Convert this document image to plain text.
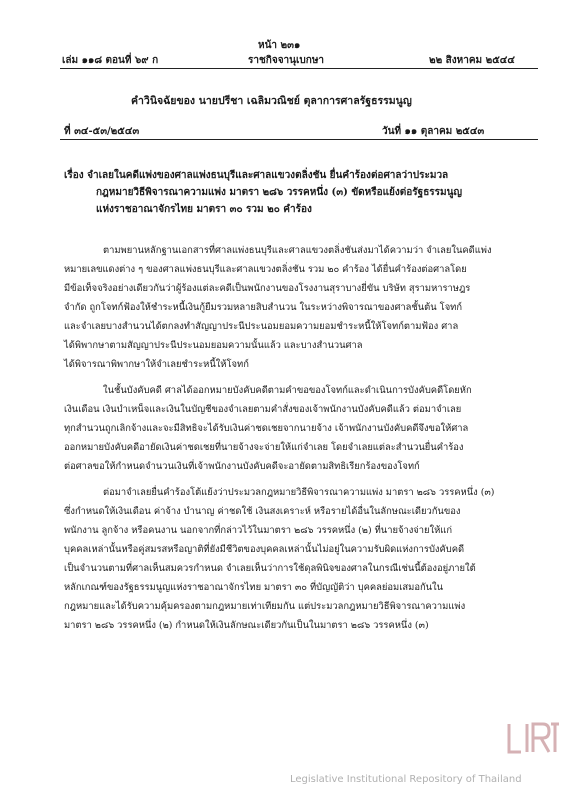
หน้า ๒๓๑
เล่ม ๑๑๘ ตอนที่ ๖๙ ก	ราชกิจจานุเบกษา	๒๒ สิงหาคม ๒๕๔๔
คำวินิจฉัยของ นายปรีชา เฉลิมวณิชย์ ตุลาการศาลรัฐธรรมนูญ
ที่ ๓๔-๕๓/๒๕๔๓	วันที่ ๑๑ ตุลาคม ๒๕๔๓
เรื่อง จำเลยในคดีแพ่งของศาลแพ่งธนบุรีและศาลแขวงตลิ่งชัน ยื่นคำร้องต่อศาลว่าประมวล
กฎหมายวิธีพิจารณาความแพ่ง มาตรา ๒๘๖ วรรคหนึ่ง (๓) ขัดหรือแย้งต่อรัฐธรรมนูญ
แห่งราชอาณาจักรไทย มาตรา ๓๐ รวม ๒๐ คำร้อง
ตามพยานหลักฐานเอกสารที่ศาลแพ่งธนบุรีและศาลแขวงตลิ่งชันส่งมาได้ความว่า จำเลยในคดีแพ่ง
หมายเลขแดงต่าง ๆ ของศาลแพ่งธนบุรีและศาลแขวงตลิ่งชัน รวม ๒๐ คำร้อง ได้ยื่นคำร้องต่อศาลโดย
มีข้อเท็จจริงอย่างเดียวกันว่าผู้ร้องแต่ละคดีเป็นพนักงานของโรงงานสุราบางยี่ขัน บริษัท สุรามหาราษฎร
จำกัด ถูกโจทก์ฟ้องให้ชำระหนี้เงินกู้ยืมรวมหลายสิบสำนวน ในระหว่างพิจารณาของศาลชั้นต้น โจทก์
และจำเลยบางสำนวนได้ตกลงทำสัญญาประนีประนอมยอมความยอมชำระหนี้ให้โจทก์ตามฟ้อง ศาล
ได้พิพากษาตามสัญญาประนีประนอมยอมความนั้นแล้ว และบางสำนวนศาล
ได้พิจารณาพิพากษาให้จำเลยชำระหนี้ให้โจทก์
ในชั้นบังคับคดี ศาลได้ออกหมายบังคับคดีตามคำขอของโจทก์และดำเนินการบังคับคดีโดยหัก
เงินเดือน เงินบำเหน็จและเงินในบัญชีของจำเลยตามคำสั่งของเจ้าพนักงานบังคับคดีแล้ว ต่อมาจำเลย
ทุกสำนวนถูกเลิกจ้างและจะมีสิทธิจะได้รับเงินค่าชดเชยจากนายจ้าง เจ้าพนักงานบังคับคดีจึงขอให้ศาล
ออกหมายบังคับคดีอายัดเงินค่าชดเชยที่นายจ้างจะจ่ายให้แก่จำเลย โดยจำเลยแต่ละสำนวนยื่นคำร้อง
ต่อศาลขอให้กำหนดจำนวนเงินที่เจ้าพนักงานบังคับคดีจะอายัดตามสิทธิเรียกร้องของโจทก์
ต่อมาจำเลยยื่นคำร้องโต้แย้งว่าประมวลกฎหมายวิธีพิจารณาความแพ่ง มาตรา ๒๘๖ วรรคหนึ่ง (๓)
ซึ่งกำหนดให้เงินเดือน ค่าจ้าง บำนาญ ค่าชดใช้ เงินสงเคราะห์ หรือรายได้อื่นในลักษณะเดียวกันของ
พนักงาน ลูกจ้าง หรือคนงาน นอกจากที่กล่าวไว้ในมาตรา ๒๘๖ วรรคหนึ่ง (๒) ที่นายจ้างจ่ายให้แก่
บุคคลเหล่านั้นหรือคู่สมรสหรือญาติที่ยังมีชีวิตของบุคคลเหล่านั้นไม่อยู่ในความรับผิดแห่งการบังคับคดี
เป็นจำนวนตามที่ศาลเห็นสมควรกำหนด จำเลยเห็นว่าการใช้ดุลพินิจของศาลในกรณีเช่นนี้ต้องอยู่ภายใต้
หลักเกณฑ์ของรัฐธรรมนูญแห่งราชอาณาจักรไทย มาตรา ๓๐ ที่บัญญัติว่า บุคคลย่อมเสมอกันใน
กฎหมายและได้รับความคุ้มครองตามกฎหมายเท่าเทียมกัน แต่ประมวลกฎหมายวิธีพิจารณาความแพ่ง
มาตรา ๒๘๖ วรรคหนึ่ง (๒) กำหนดให้เงินลักษณะเดียวกันเป็นในมาตรา ๒๘๖ วรรคหนึ่ง (๓)
Legislative Institutional Repository of Thailand
